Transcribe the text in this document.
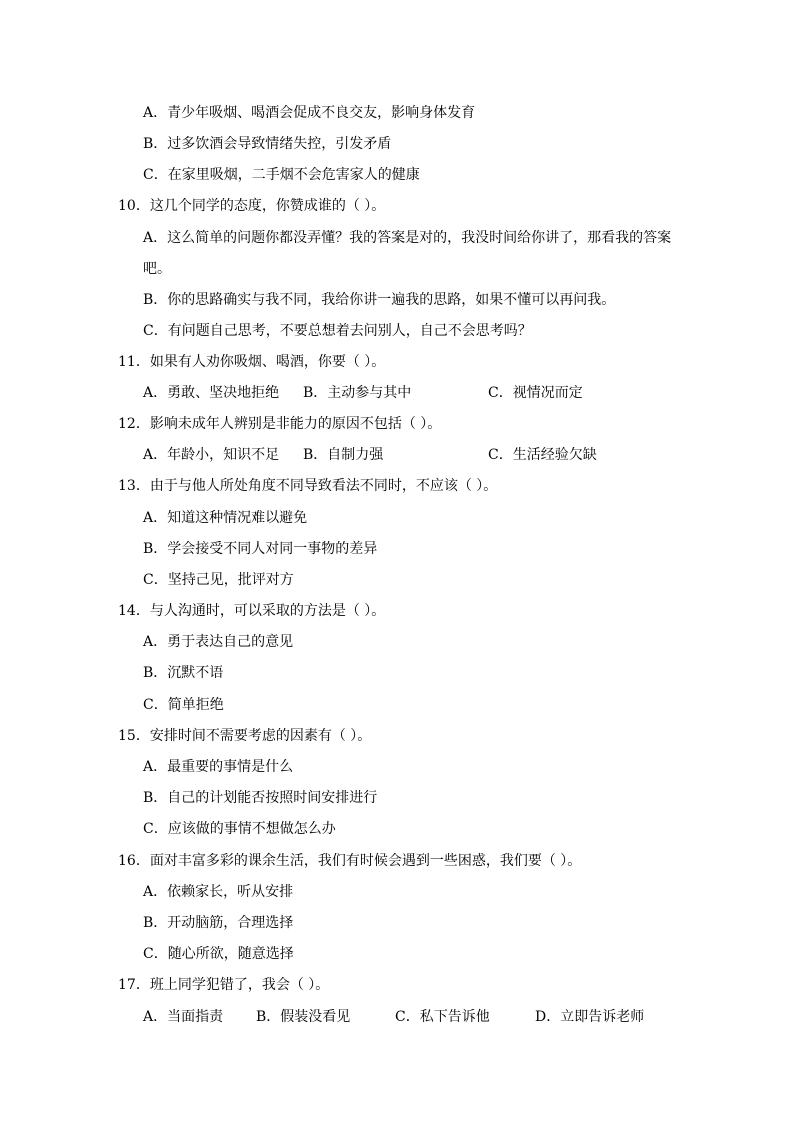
A．青少年吸烟、喝酒会促成不良交友，影响身体发育
B．过多饮酒会导致情绪失控，引发矛盾
C．在家里吸烟，二手烟不会危害家人的健康
10．这几个同学的态度，你赞成谁的（ ）。
A．这么简单的问题你都没弄懂？我的答案是对的，我没时间给你讲了，那看我的答案
吧。
B．你的思路确实与我不同，我给你讲一遍我的思路，如果不懂可以再问我。
C．有问题自己思考，不要总想着去问别人，自己不会思考吗？
11．如果有人劝你吸烟、喝酒，你要（ ）。
A．勇敢、坚决地拒绝 B．主动参与其中	C．视情况而定
12．影响未成年人辨别是非能力的原因不包括（ ）。
A．年龄小，知识不足 B．自制力强	C．生活经验欠缺
13．由于与他人所处角度不同导致看法不同时，不应该（ ）。
A．知道这种情况难以避免
B．学会接受不同人对同一事物的差异
C．坚持己见，批评对方
14．与人沟通时，可以采取的方法是（ ）。
A．勇于表达自己的意见
B．沉默不语
C．简单拒绝
15．安排时间不需要考虑的因素有（ ）。
A．最重要的事情是什么
B．自己的计划能否按照时间安排进行
C．应该做的事情不想做怎么办
16．面对丰富多彩的课余生活，我们有时候会遇到一些困惑，我们要（ ）。
A．依赖家长，听从安排
B．开动脑筋，合理选择
C．随心所欲，随意选择
17．班上同学犯错了，我会（ ）。
A．当面指责 B．假装没看见	C．私下告诉他	D．立即告诉老师
